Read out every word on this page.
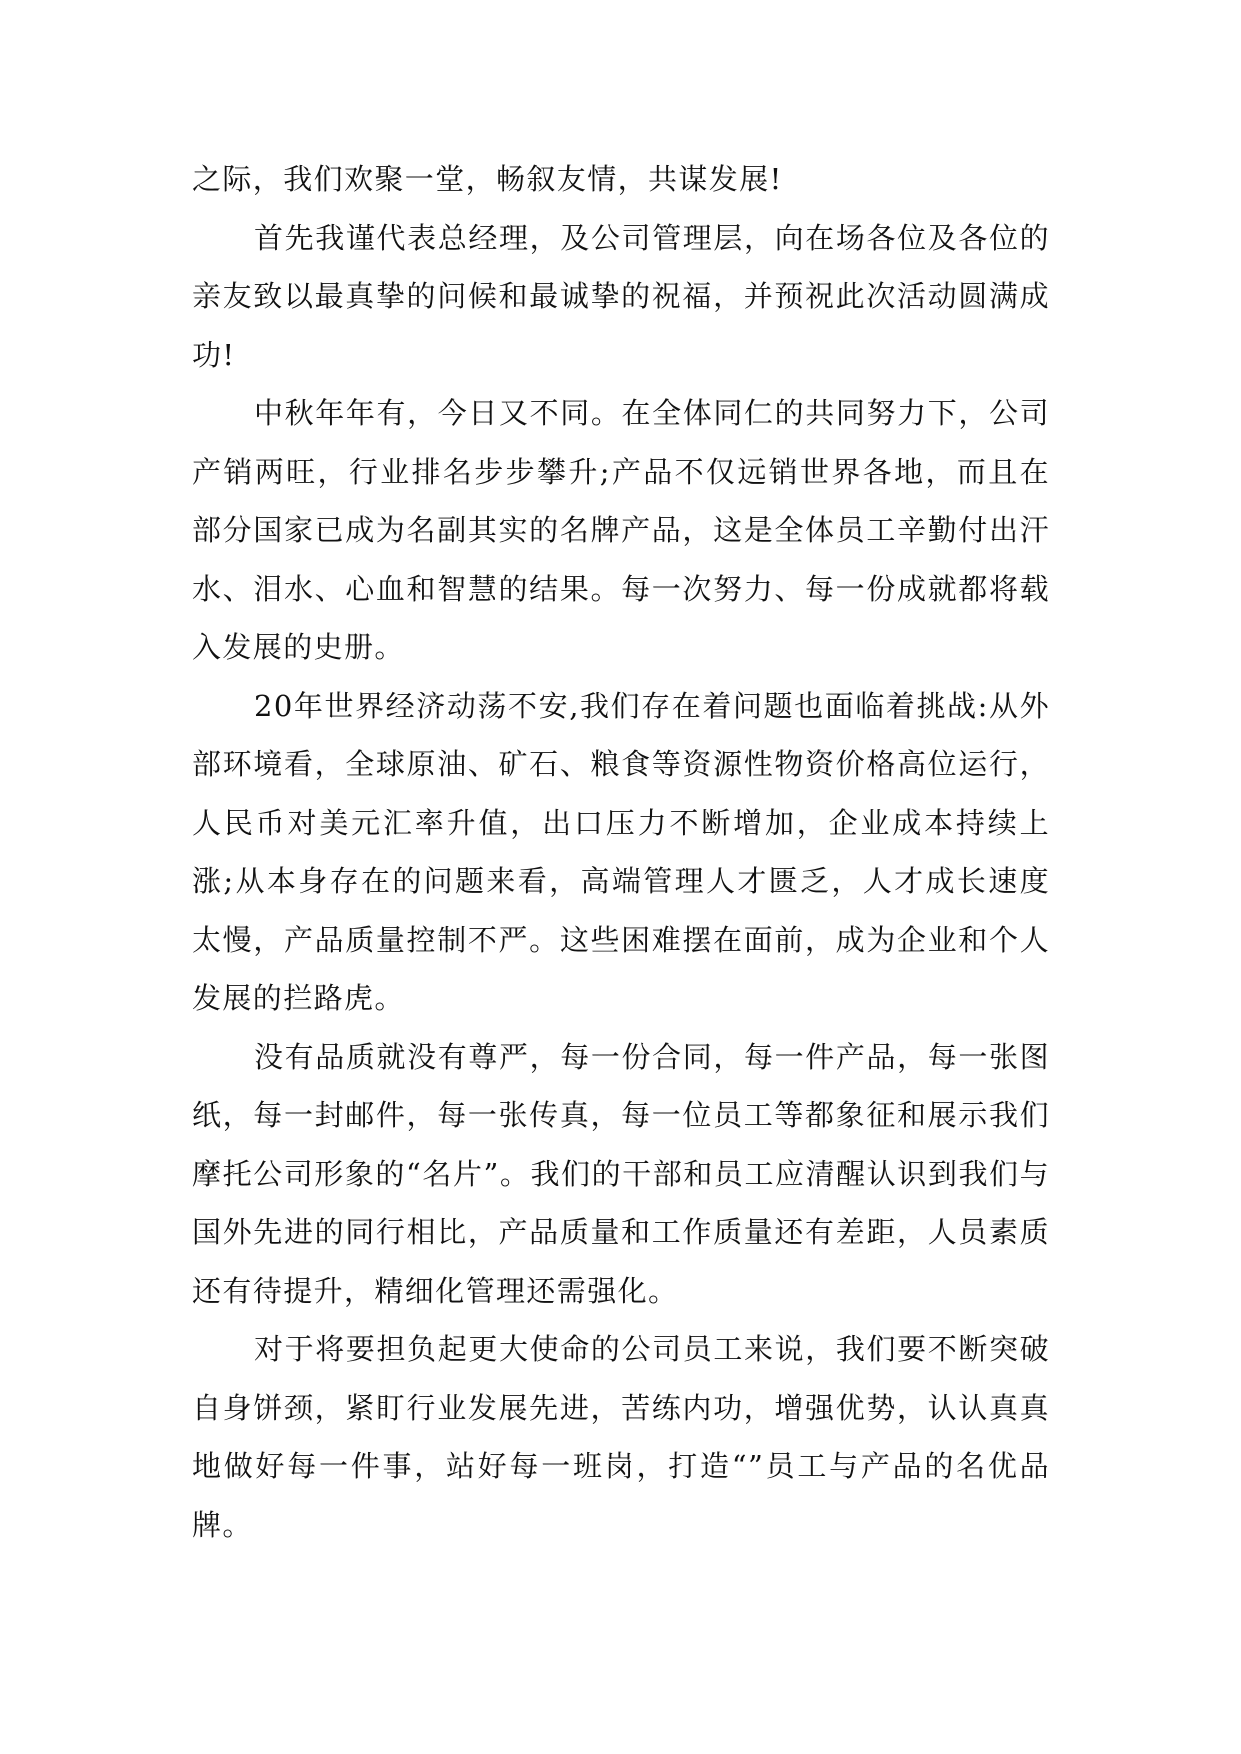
之际，我们欢聚一堂，畅叙友情，共谋发展!

首先我谨代表总经理，及公司管理层，向在场各位及各位的亲友致以最真挚的问候和最诚挚的祝福，并预祝此次活动圆满成功!

中秋年年有，今日又不同。在全体同仁的共同努力下，公司产销两旺，行业排名步步攀升;产品不仅远销世界各地，而且在部分国家已成为名副其实的名牌产品，这是全体员工辛勤付出汗水、泪水、心血和智慧的结果。每一次努力、每一份成就都将载入发展的史册。

20年世界经济动荡不安,我们存在着问题也面临着挑战:从外部环境看，全球原油、矿石、粮食等资源性物资价格高位运行，人民币对美元汇率升值，出口压力不断增加，企业成本持续上涨;从本身存在的问题来看，高端管理人才匮乏，人才成长速度太慢，产品质量控制不严。这些困难摆在面前，成为企业和个人发展的拦路虎。

没有品质就没有尊严，每一份合同，每一件产品，每一张图纸，每一封邮件，每一张传真，每一位员工等都象征和展示我们摩托公司形象的“名片”。我们的干部和员工应清醒认识到我们与国外先进的同行相比，产品质量和工作质量还有差距，人员素质还有待提升，精细化管理还需强化。

对于将要担负起更大使命的公司员工来说，我们要不断突破自身饼颈，紧盯行业发展先进，苦练内功，增强优势，认认真真地做好每一件事，站好每一班岗，打造“”员工与产品的名优品牌。
